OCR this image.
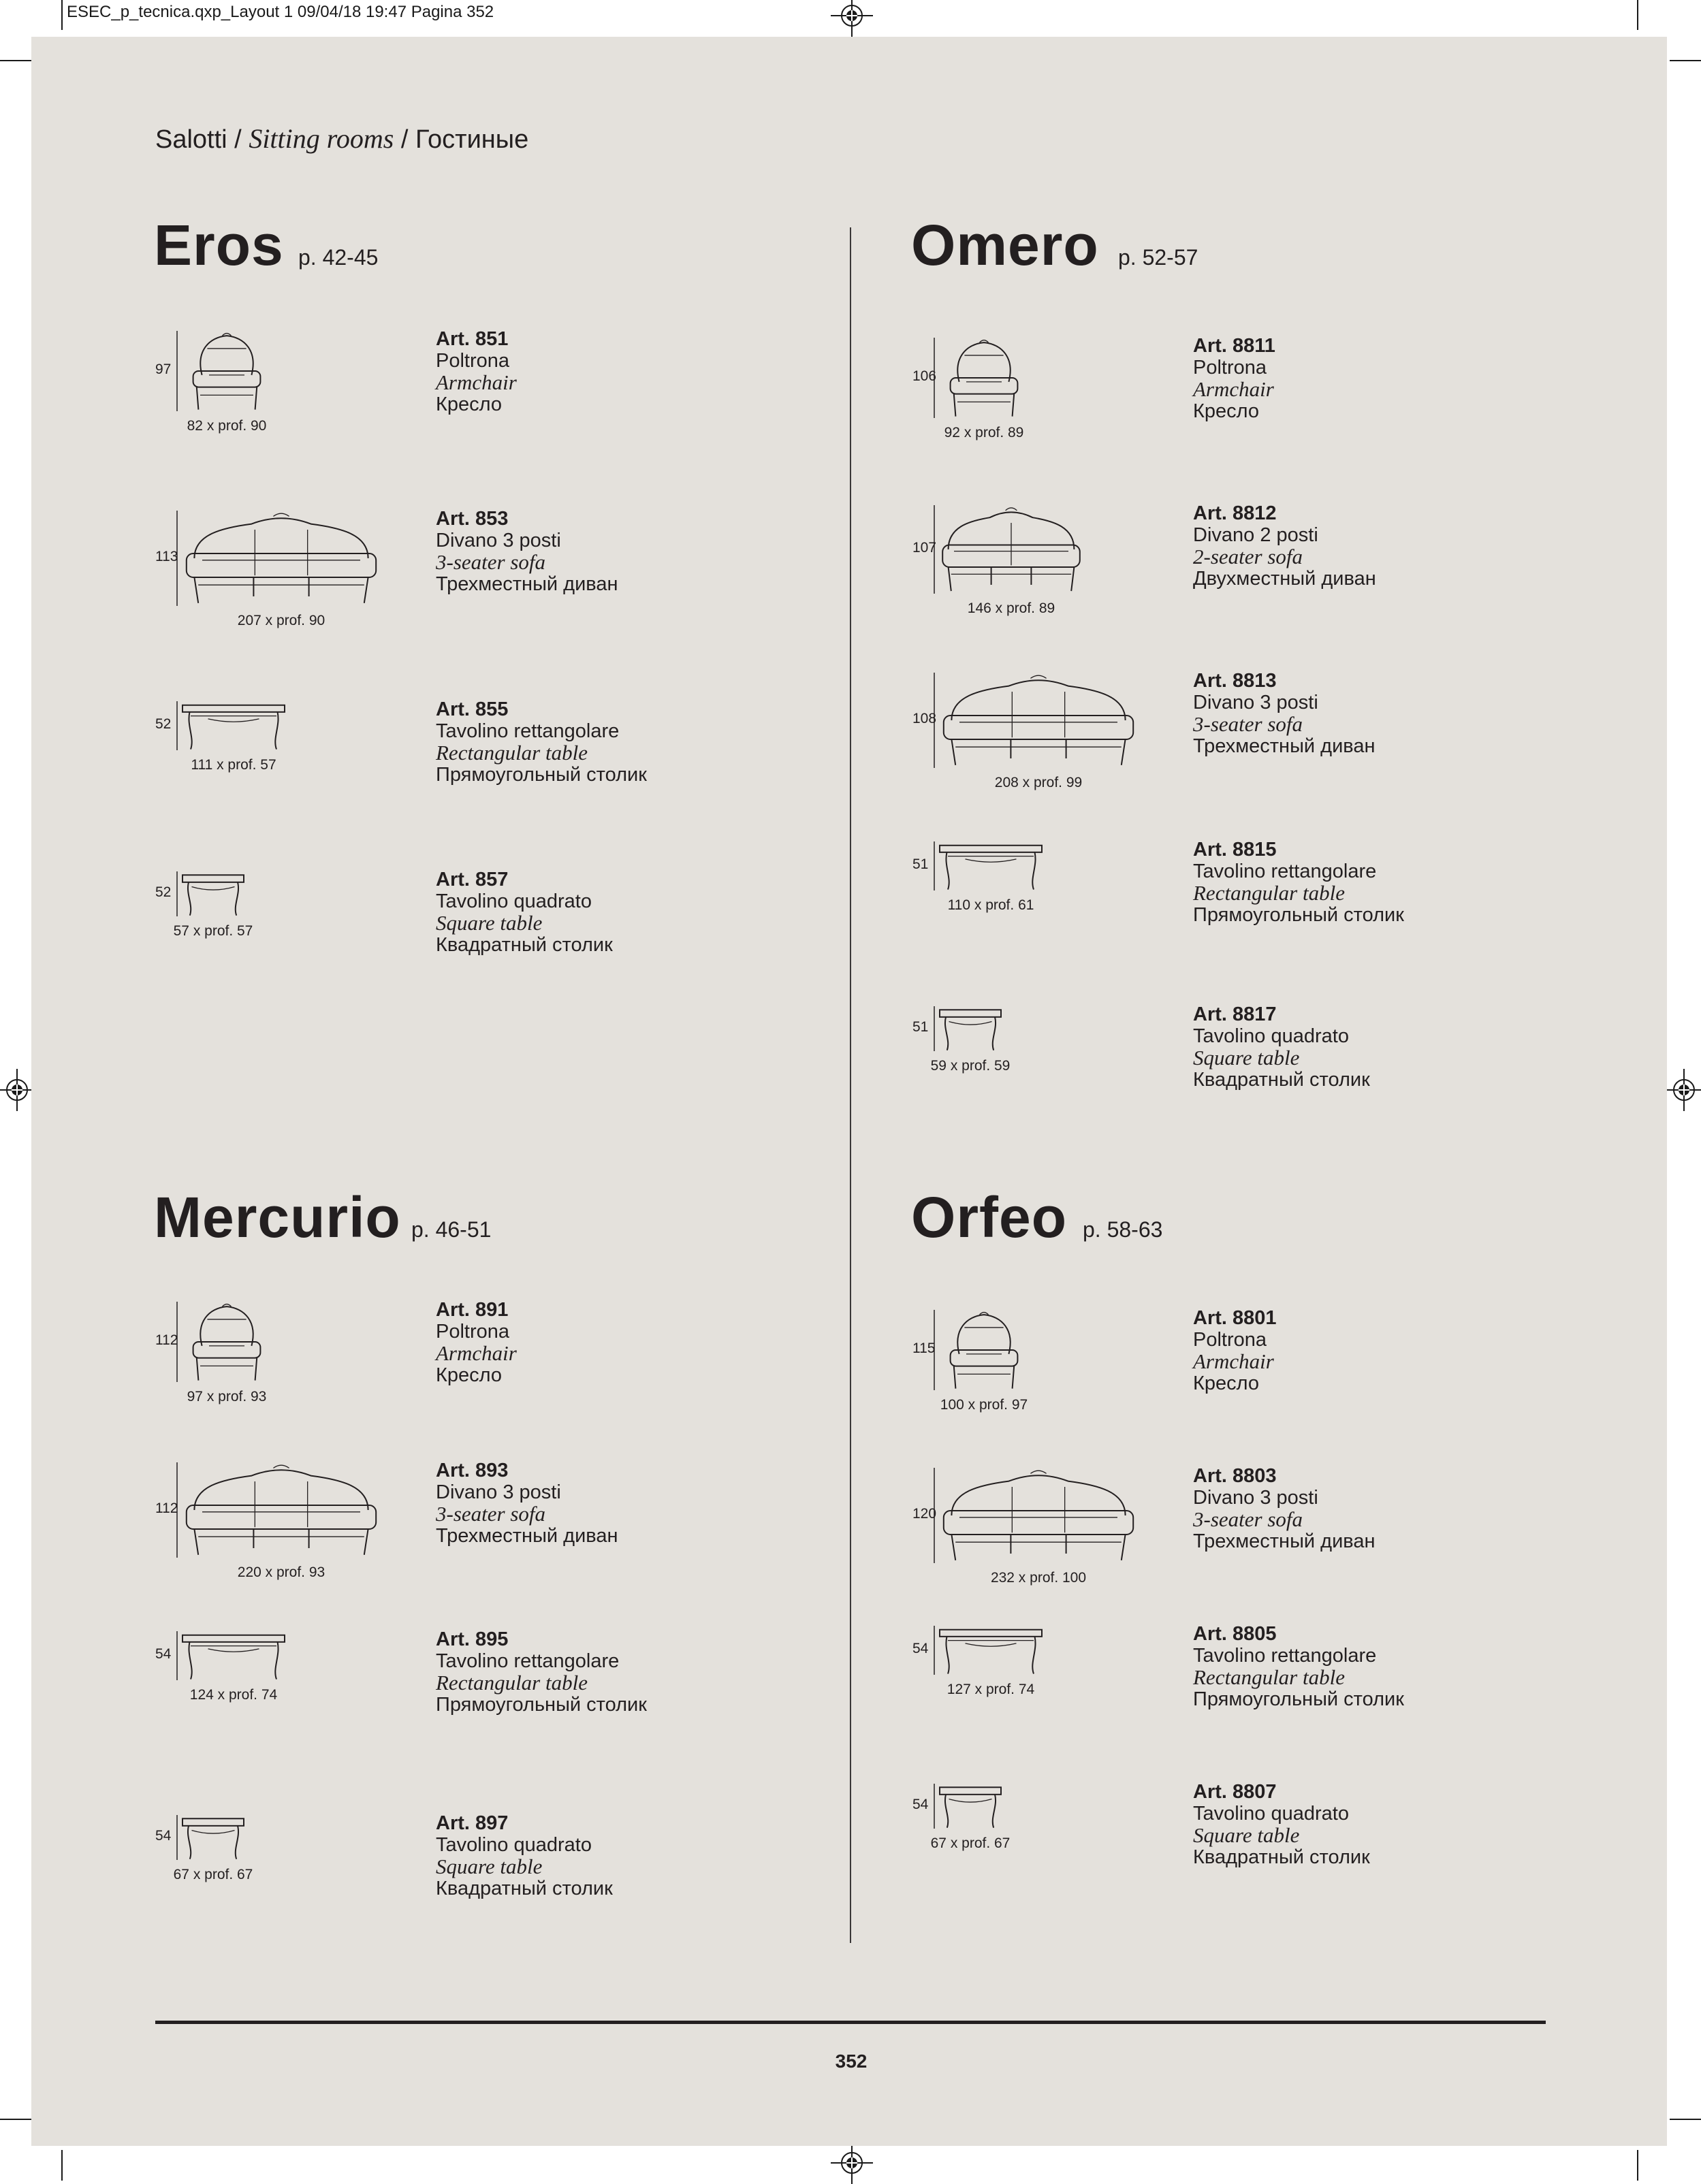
ESEC_p_tecnica.qxp_Layout 1 09/04/18 19:47 Pagina 352
Salotti / Sitting rooms / Гостиные
Eros p. 42-45	Omero p. 52-57
Mercurio p. 46-51	Orfeo p. 58-63
97
82 x prof. 90
Art. 851
Poltrona
Armchair
Кресло
113
207 x prof. 90
Art. 853
Divano 3 posti
3-seater sofa
Трехместный диван
52
111 x prof. 57
Art. 855
Tavolino rettangolare
Rectangular table
Прямоугольный столик
52
57 x prof. 57
Art. 857
Tavolino quadrato
Square table
Квадратный столик
106
92 x prof. 89
Art. 8811
Poltrona
Armchair
Кресло
107
146 x prof. 89
Art. 8812
Divano 2 posti
2-seater sofa
Двухместный диван
108
208 x prof. 99
Art. 8813
Divano 3 posti
3-seater sofa
Трехместный диван
51
110 x prof. 61
Art. 8815
Tavolino rettangolare
Rectangular table
Прямоугольный столик
51
59 x prof. 59
Art. 8817
Tavolino quadrato
Square table
Квадратный столик
112
97 x prof. 93
Art. 891
Poltrona
Armchair
Кресло
112
220 x prof. 93
Art. 893
Divano 3 posti
3-seater sofa
Трехместный диван
54
124 x prof. 74
Art. 895
Tavolino rettangolare
Rectangular table
Прямоугольный столик
54
67 x prof. 67
Art. 897
Tavolino quadrato
Square table
Квадратный столик
115
100 x prof. 97
Art. 8801
Poltrona
Armchair
Кресло
120
232 x prof. 100
Art. 8803
Divano 3 posti
3-seater sofa
Трехместный диван
54
127 x prof. 74
Art. 8805
Tavolino rettangolare
Rectangular table
Прямоугольный столик
54
67 x prof. 67
Art. 8807
Tavolino quadrato
Square table
Квадратный столик
352
